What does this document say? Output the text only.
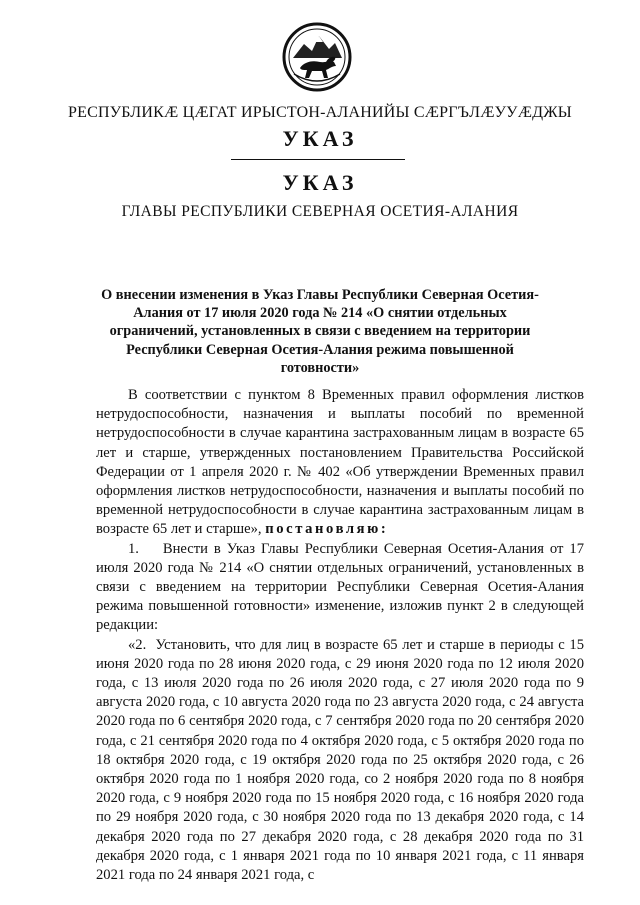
РЕСПУБЛИКӔ ЦӔГАТ ИРЫСТОН-АЛАНИЙЫ СӔРГЪЛӔУУӔДЖЫ
УКАЗ
УКАЗ
ГЛАВЫ РЕСПУБЛИКИ СЕВЕРНАЯ ОСЕТИЯ-АЛАНИЯ
О внесении изменения в Указ Главы Республики Северная Осетия-Алания от 17 июля 2020 года № 214 «О снятии отдельных ограничений, установленных в связи с введением на территории Республики Северная Осетия-Алания режима повышенной готовности»

В соответствии с пунктом 8 Временных правил оформления листков нетрудоспособности, назначения и выплаты пособий по временной нетрудоспособности в случае карантина застрахованным лицам в возрасте 65 лет и старше, утвержденных постановлением Правительства Российской Федерации от 1 апреля 2020 г. № 402 «Об утверждении Временных правил оформления листков нетрудоспособности, назначения и выплаты пособий по временной нетрудоспособности в случае карантина застрахованным лицам в возрасте 65 лет и старше», постановляю:

1.    Внести в Указ Главы Республики Северная Осетия-Алания от 17 июля 2020 года № 214 «О снятии отдельных ограничений, установленных в связи с введением на территории Республики Северная Осетия-Алания режима повышенной готовности» изменение, изложив пункт 2 в следующей редакции:

«2.  Установить, что для лиц в возрасте 65 лет и старше в периоды с 15 июня 2020 года по 28 июня 2020 года, с 29 июня 2020 года по 12 июля 2020 года, с 13 июля 2020 года по 26 июля 2020 года, с 27 июля 2020 года по 9 августа 2020 года, с 10 августа 2020 года по 23 августа 2020 года, с 24 августа 2020 года по 6 сентября 2020 года, с 7 сентября 2020 года по 20 сентября 2020 года, с 21 сентября 2020 года по 4 октября 2020 года, с 5 октября 2020 года по 18 октября 2020 года, с 19 октября 2020 года по 25 октября 2020 года, с 26 октября 2020 года по 1 ноября 2020 года, со 2 ноября 2020 года по 8 ноября 2020 года, с 9 ноября 2020 года по 15 ноября 2020 года, с 16 ноября 2020 года по 29 ноября 2020 года, с 30 ноября 2020 года по 13 декабря 2020 года, с 14 декабря 2020 года по 27 декабря 2020 года, с 28 декабря 2020 года по 31 декабря 2020 года, с 1 января 2021 года по 10 января 2021 года, с 11 января 2021 года по 24 января 2021 года, с
